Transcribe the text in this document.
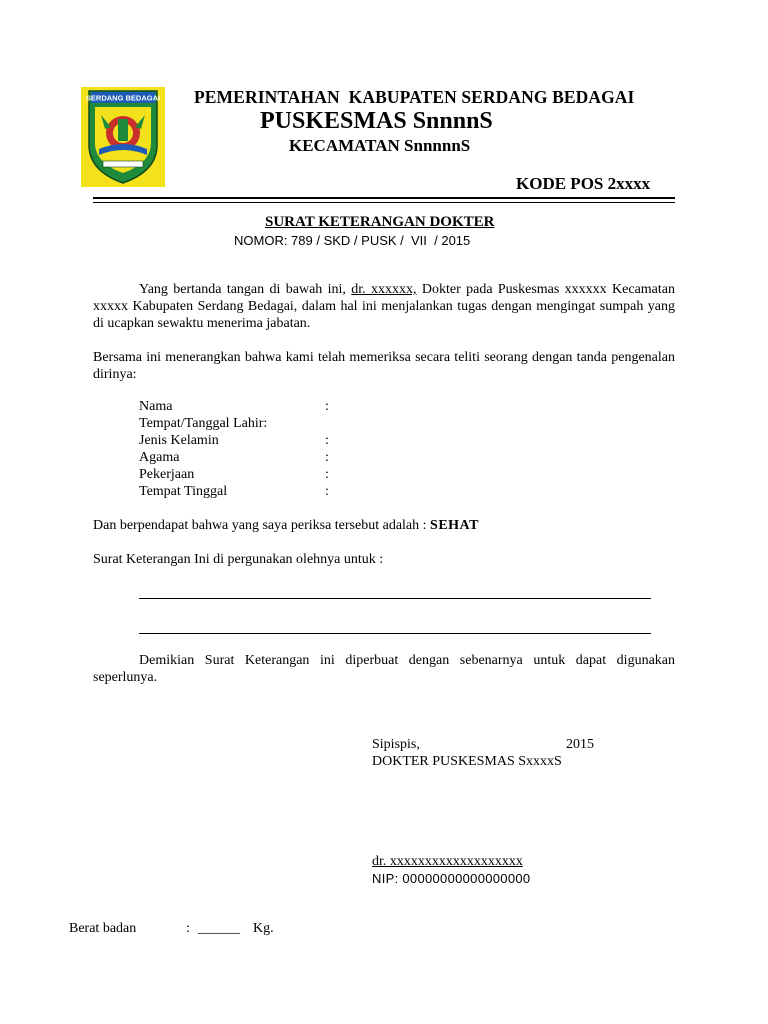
SERDANG BEDAGAI PEMERINTAHAN  KABUPATEN SERDANG BEDAGAI
PUSKESMAS SnnnnS
KECAMATAN SnnnnnS
KODE POS 2xxxx
SURAT KETERANGAN DOKTER
NOMOR: 789 / SKD / PUSK /  VII  / 2015
Yang bertanda tangan di bawah ini, dr. xxxxxx, Dokter pada Puskesmas xxxxxx Kecamatan xxxxx Kabupaten Serdang Bedagai, dalam hal ini menjalankan tugas dengan mengingat sumpah yang di ucapkan sewaktu menerima jabatan.
Bersama ini menerangkan bahwa kami telah memeriksa secara teliti seorang dengan tanda pengenalan dirinya:
Nama	:
Tempat/Tanggal Lahir:
Jenis Kelamin	:
Agama	:
Pekerjaan	:
Tempat Tinggal	:
Dan berpendapat bahwa yang saya periksa tersebut adalah : SEHAT
Surat Keterangan Ini di pergunakan olehnya untuk :
Demikian Surat Keterangan ini diperbuat dengan sebenarnya untuk dapat digunakan seperlunya.
Sipispis,	2015
DOKTER PUSKESMAS SxxxxS
dr. xxxxxxxxxxxxxxxxxxx
NIP: 00000000000000000
Berat badan	: ______ Kg.
